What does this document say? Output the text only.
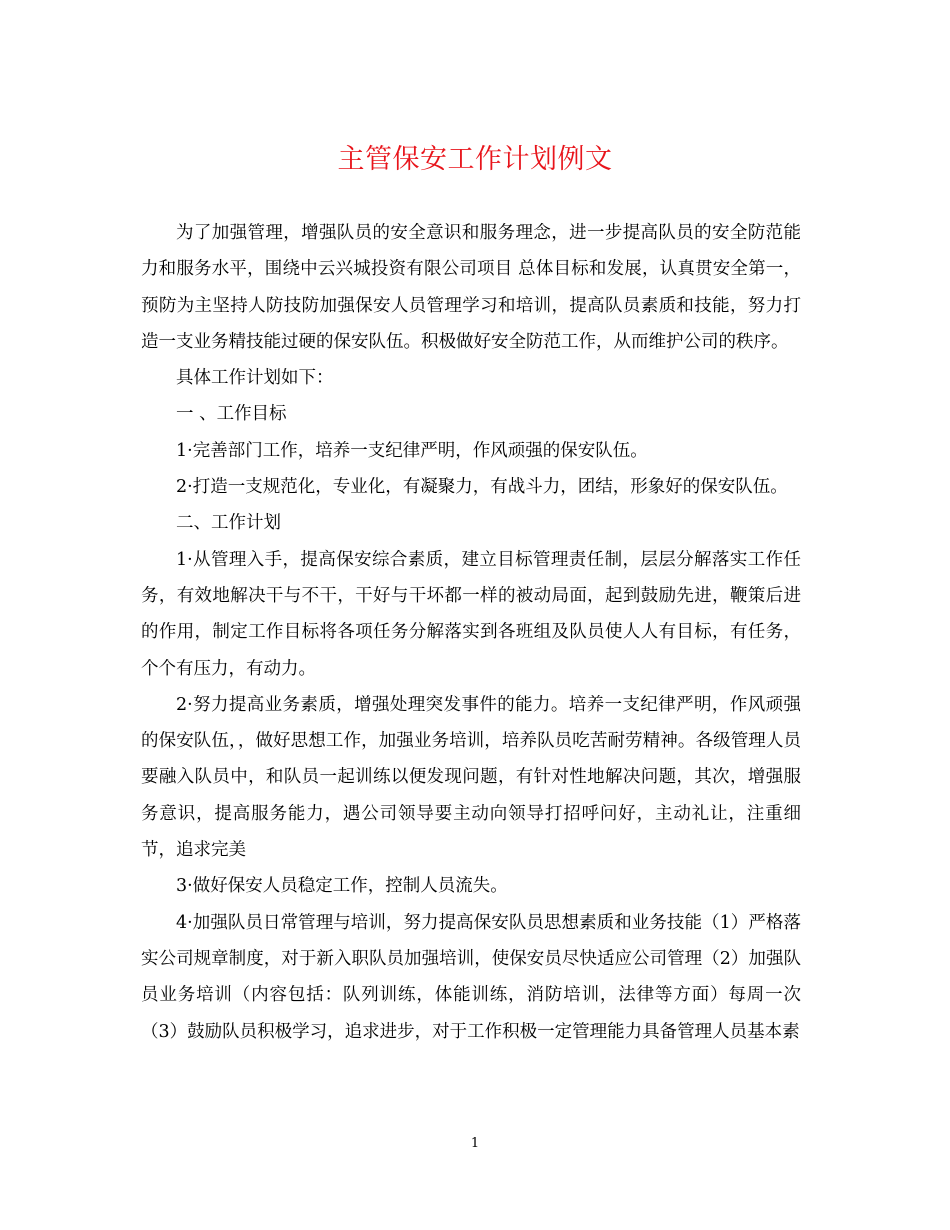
主管保安工作计划例文

为了加强管理，增强队员的安全意识和服务理念，进一步提高队员的安全防范能力和服务水平，围绕中云兴城投资有限公司项目 总体目标和发展，认真贯安全第一，预防为主坚持人防技防加强保安人员管理学习和培训，提高队员素质和技能，努力打造一支业务精技能过硬的保安队伍。积极做好安全防范工作，从而维护公司的秩序。

具体工作计划如下：

一 、工作目标

1·完善部门工作，培养一支纪律严明，作风顽强的保安队伍。

2·打造一支规范化，专业化，有凝聚力，有战斗力，团结，形象好的保安队伍。

二、工作计划

1·从管理入手，提高保安综合素质，建立目标管理责任制，层层分解落实工作任务，有效地解决干与不干，干好与干坏都一样的被动局面，起到鼓励先进，鞭策后进的作用，制定工作目标将各项任务分解落实到各班组及队员使人人有目标，有任务，个个有压力，有动力。

2·努力提高业务素质，增强处理突发事件的能力。培养一支纪律严明，作风顽强的保安队伍，，做好思想工作，加强业务培训，培养队员吃苦耐劳精神。各级管理人员要融入队员中，和队员一起训练以便发现问题，有针对性地解决问题，其次，增强服务意识，提高服务能力，遇公司领导要主动向领导打招呼问好，主动礼让，注重细节，追求完美

3·做好保安人员稳定工作，控制人员流失。

4·加强队员日常管理与培训，努力提高保安队员思想素质和业务技能（1）严格落实公司规章制度，对于新入职队员加强培训，使保安员尽快适应公司管理（2）加强队员业务培训（内容包括：队列训练，体能训练，消防培训，法律等方面）每周一次（3）鼓励队员积极学习，追求进步，对于工作积极一定管理能力具备管理人员基本素

1
